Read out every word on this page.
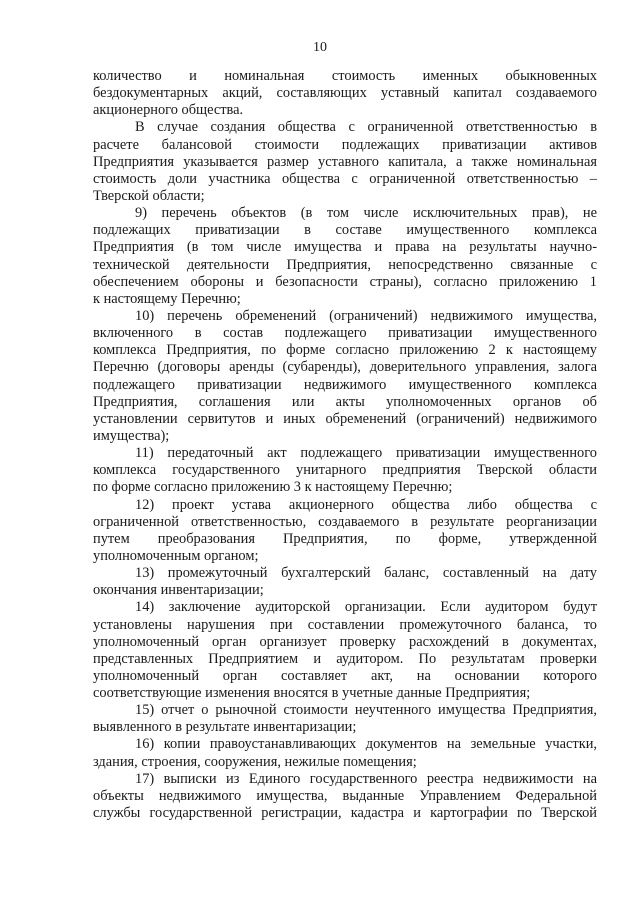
10

количество и номинальная стоимость именных обыкновенных
бездокументарных акций, составляющих уставный капитал создаваемого
акционерного общества.

В случае создания общества с ограниченной ответственностью в
расчете балансовой стоимости подлежащих приватизации активов
Предприятия указывается размер уставного капитала, а также номинальная
стоимость доли участника общества с ограниченной ответственностью –
Тверской области;

9) перечень объектов (в том числе исключительных прав), не
подлежащих приватизации в составе имущественного комплекса
Предприятия (в том числе имущества и права на результаты научно-
технической деятельности Предприятия, непосредственно связанные с
обеспечением обороны и безопасности страны), согласно приложению 1
к настоящему Перечню;

10) перечень обременений (ограничений) недвижимого имущества,
включенного в состав подлежащего приватизации имущественного
комплекса Предприятия, по форме согласно приложению 2 к настоящему
Перечню (договоры аренды (субаренды), доверительного управления, залога
подлежащего приватизации недвижимого имущественного комплекса
Предприятия, соглашения или акты уполномоченных органов об
установлении сервитутов и иных обременений (ограничений) недвижимого
имущества);

11) передаточный акт подлежащего приватизации имущественного
комплекса государственного унитарного предприятия Тверской области
по форме согласно приложению 3 к настоящему Перечню;

12) проект устава акционерного общества либо общества с
ограниченной ответственностью, создаваемого в результате реорганизации
путем преобразования Предприятия, по форме, утвержденной
уполномоченным органом;

13) промежуточный бухгалтерский баланс, составленный на дату
окончания инвентаризации;

14) заключение аудиторской организации. Если аудитором будут
установлены нарушения при составлении промежуточного баланса, то
уполномоченный орган организует проверку расхождений в документах,
представленных Предприятием и аудитором. По результатам проверки
уполномоченный орган составляет акт, на основании которого
соответствующие изменения вносятся в учетные данные Предприятия;

15) отчет о рыночной стоимости неучтенного имущества Предприятия,
выявленного в результате инвентаризации;

16) копии правоустанавливающих документов на земельные участки,
здания, строения, сооружения, нежилые помещения;

17) выписки из Единого государственного реестра недвижимости на
объекты недвижимого имущества, выданные Управлением Федеральной
службы государственной регистрации, кадастра и картографии по Тверской
